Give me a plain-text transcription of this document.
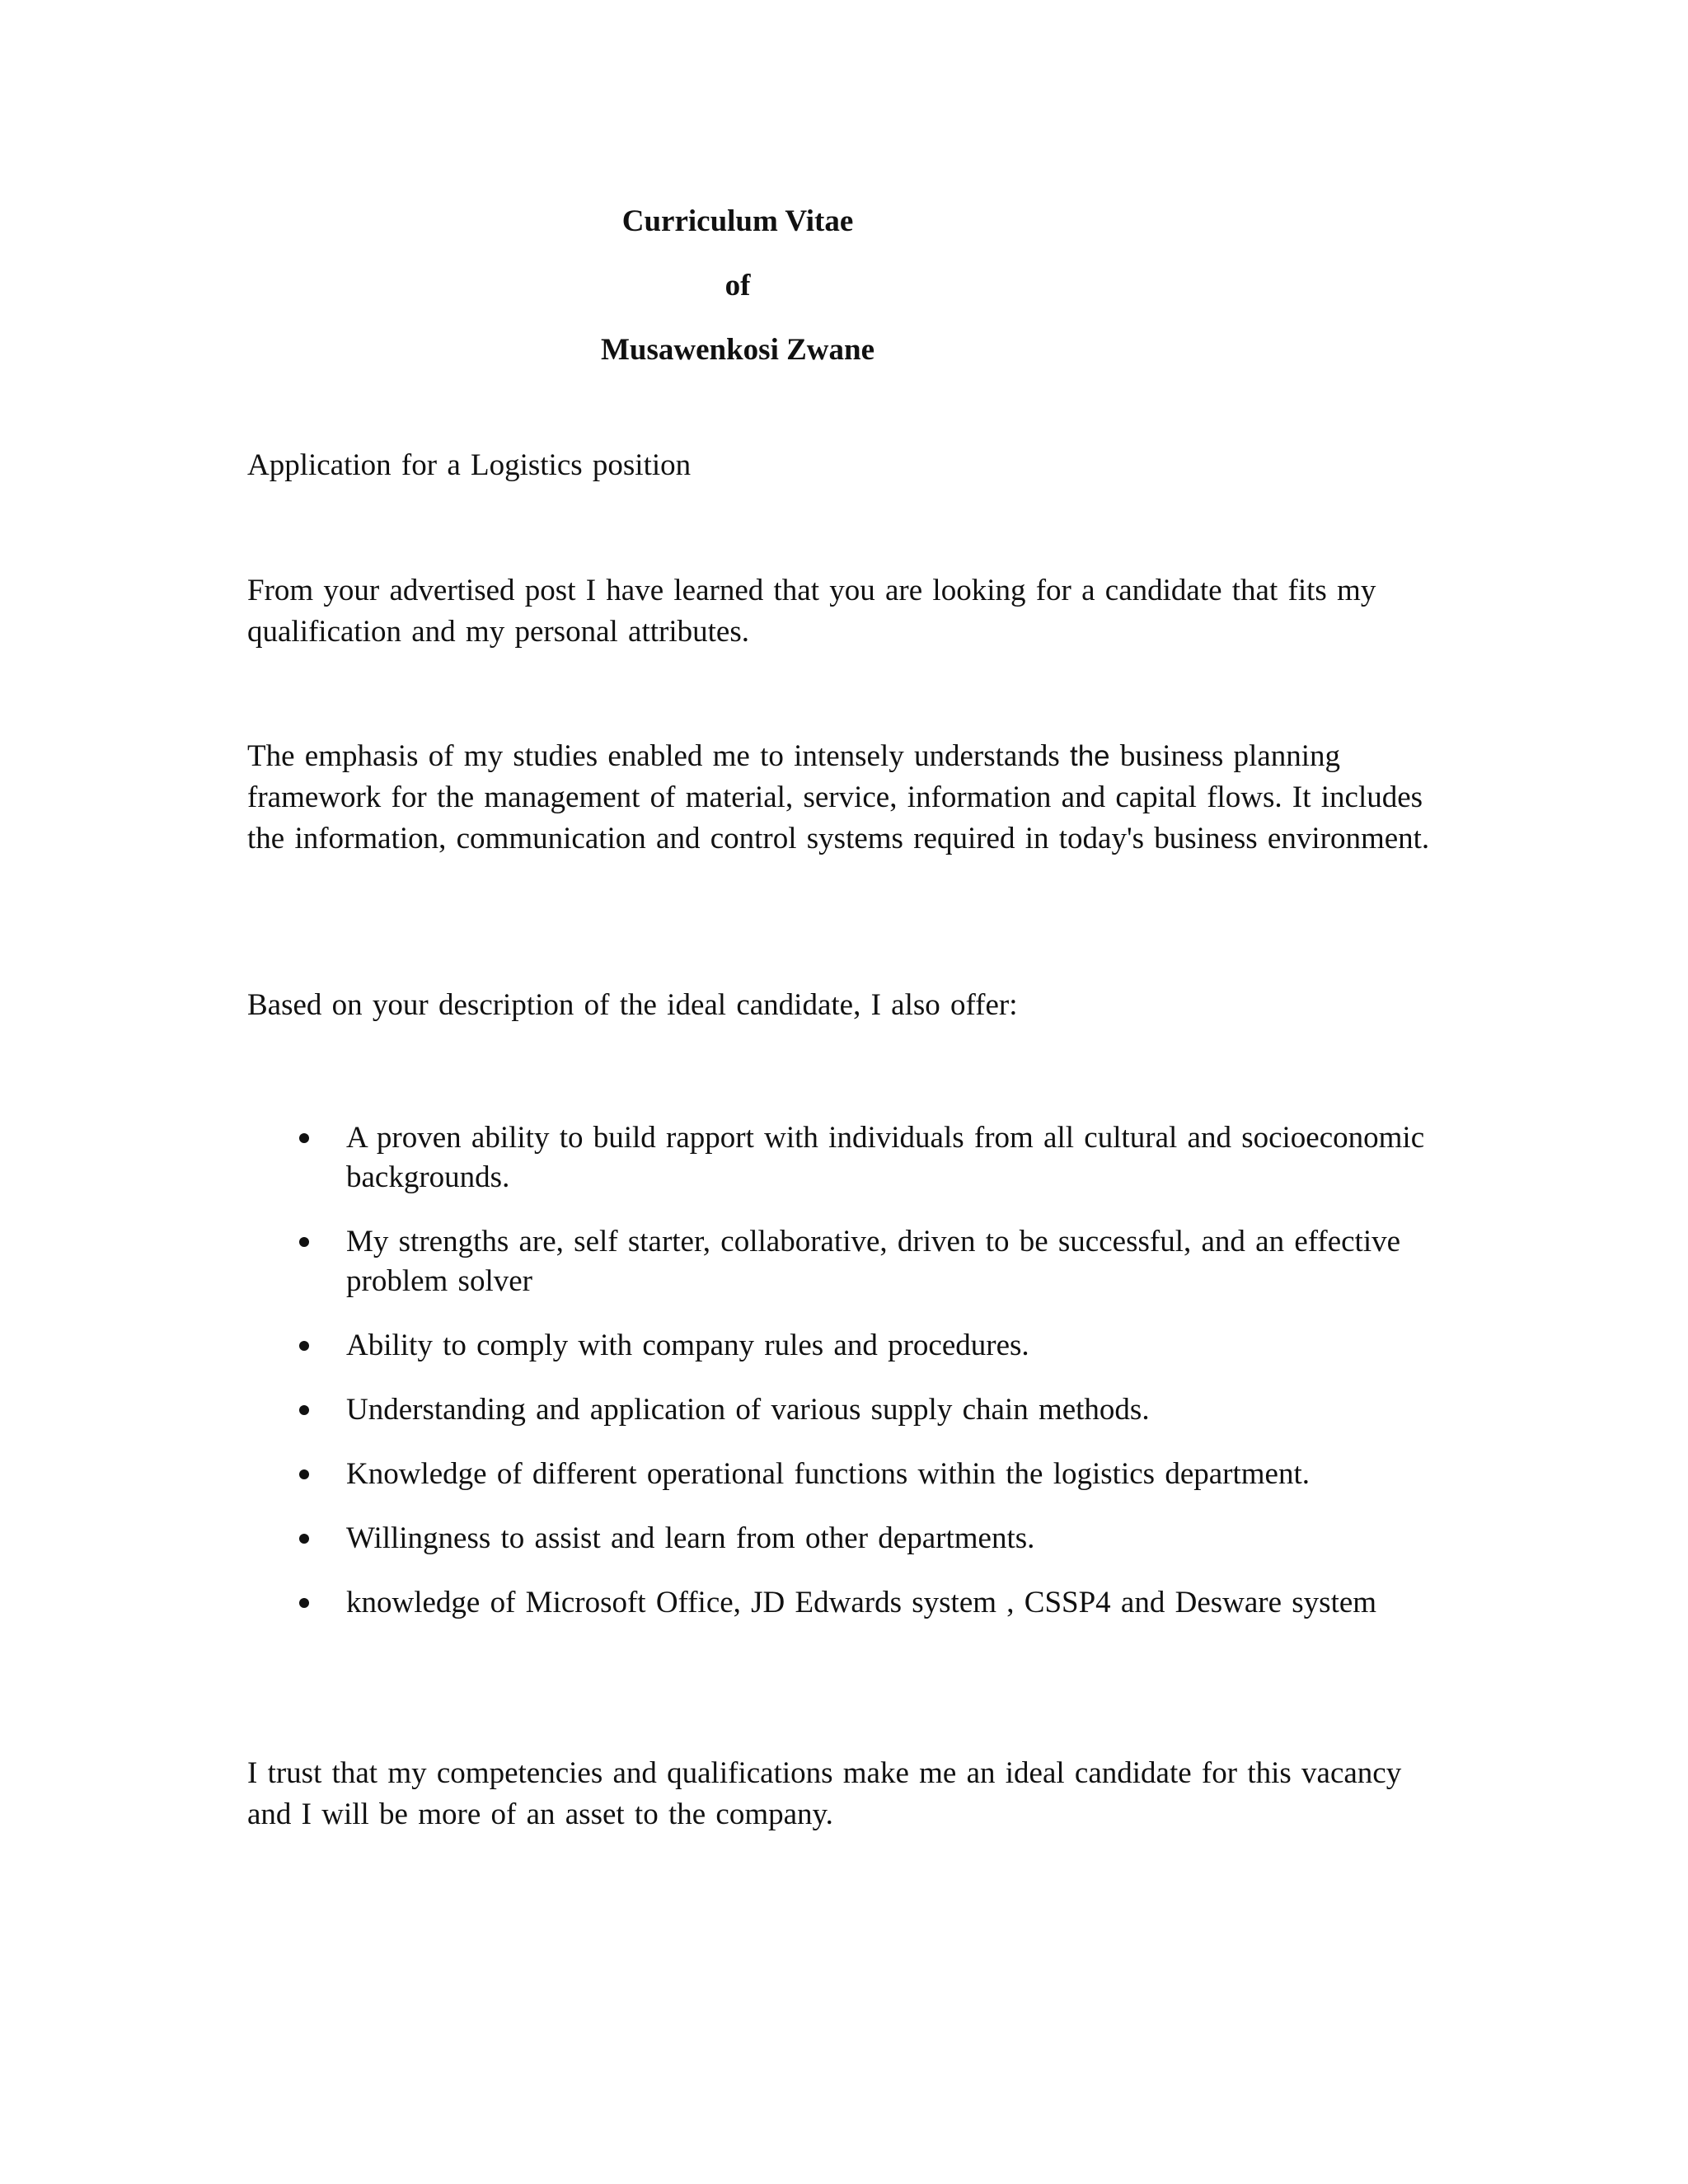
Curriculum Vitae
of
Musawenkosi Zwane
Application for a Logistics position
From your advertised post I have learned that you are looking for a candidate that fits my qualification and my personal attributes.
The emphasis of my studies enabled me to intensely understands the business planning framework for the management of material, service, information and capital flows. It includes the information, communication and control systems required in today's business environment.
Based on your description of the ideal candidate, I also offer:
A proven ability to build rapport with individuals from all cultural and socioeconomic backgrounds.
My strengths are, self starter, collaborative, driven to be successful, and an effective problem solver
Ability to comply with company rules and procedures.
Understanding and application of various supply chain methods.
Knowledge of different operational functions within the logistics department.
Willingness to assist and learn from other departments.
knowledge of Microsoft Office, JD Edwards system , CSSP4 and Desware system
I trust that my competencies and qualifications make me an ideal candidate for this vacancy and I will be more of an asset to the company.
